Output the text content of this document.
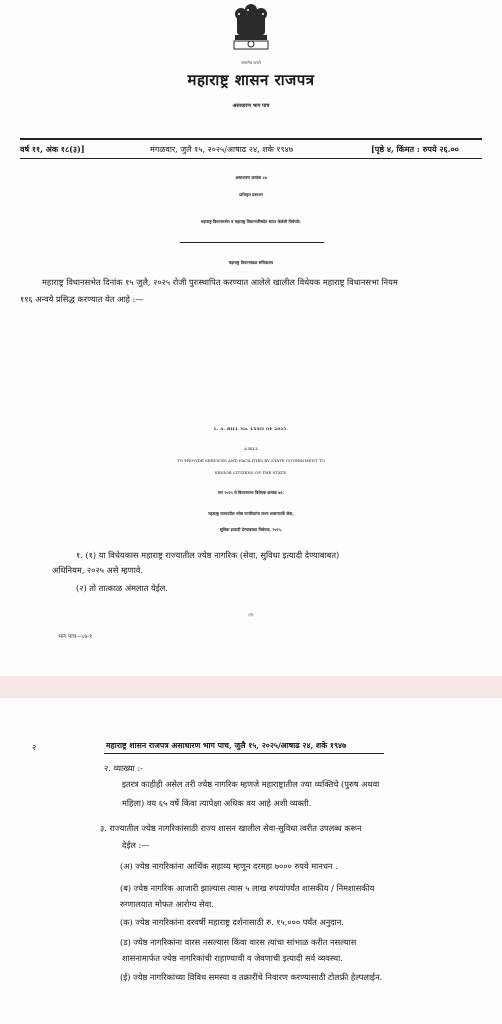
सत्यमेव जयते
महाराष्ट्र शासन राजपत्र
असाधारण भाग पाच
वर्ष ११, अंक १८(३)]	मंगळवार, जुलै १५, २०२५/आषाढ २४, शके १९४७	[पृष्ठे ४, किंमत : रुपये २६.००
असाधारण क्रमांक ८७
प्राधिकृत प्रकाशन
महाराष्ट्र विधानसभेत व महाराष्ट्र विधानपरिषदेत सादर केलेली विधेयके.
महाराष्ट्र विधानमंडळ सचिवालय
महाराष्ट्र विधानसभेत दिनांक १५ जुलै, २०२५ रोजी पुरःस्थापित करण्यात आलेले खालील विधेयक महाराष्ट्र विधानसभा नियम
११६ अन्वये प्रसिद्ध करण्यात येत आहे :—
L. A. BILL No. LXXII OF 2025.
A BILL
TO PROVIDE SERVICES AND FACILITIES BY STATE GOVERNMENT TO
SENIOR CITIZENS OF THE STATE.
सन २०२५ चे विधानसभा विधेयक क्रमांक ७२.
महाराष्ट्र राज्यातील ज्येष्ठ नागरिकांना राज्य शासनातर्फे सेवा,
सुविधा इत्यादी देण्याबाबत विधेयक, २०२५.
१. (१) या विधेयकास महाराष्ट्र राज्यातील ज्येष्ठ नागरिक (सेवा, सुविधा इत्यादी देण्याबाबत)
अधिनियम, २०२५ असे म्हणावे.
(२) तो तात्काळ अंमलात येईल.
(१)
भाग पाच—८७-१
२	महाराष्ट्र शासन राजपत्र असाधारण भाग पाच, जुलै १५, २०२५/आषाढ २४, शके १९४७
२. व्याख्या :-
इतरत्र काहीही असेल तरी ज्येष्ठ नागरिक म्हणजे महाराष्ट्रातील ज्या व्यक्तिचे (पुरुष अथवा
महिला) वय ६५ वर्षे किंवा त्यापेक्षा अधिक वय आहे अशी व्यक्ती.
३. राज्यातील ज्येष्ठ नागरिकांसाठी राज्य शासन खालील सेवा-सुविधा त्वरीत उपलब्ध करून
देईल :—
(अ) ज्येष्ठ नागरिकांना आर्थिक सहाय्य म्हणून दरमहा ७००० रुपये मानधन .
(ब) ज्येष्ठ नागरिक आजारी झाल्यास त्यास ५ लाख रुपयांपर्यंत शासकीय / निमशासकीय
रुग्णालयात मोफत आरोग्य सेवा.
(क) ज्येष्ठ नागरिकांना दरवर्षी महाराष्ट्र दर्शनासाठी रु. १५,००० पर्यंत अनुदान.
(ड) ज्येष्ठ नागरिकांना वारस नसल्यास किंवा वारस त्यांचा सांभाळ करीत नसल्यास
शासनामार्फत ज्येष्ठ नागरिकांची राहाण्याची व जेवणाची इत्यादी सर्व व्यवस्था.
(ई) ज्येष्ठ नागरिकांच्या विविध समस्या व तक्रारींचे निवारण करण्यासाठी टोलफ्री हेल्पलाईन.
